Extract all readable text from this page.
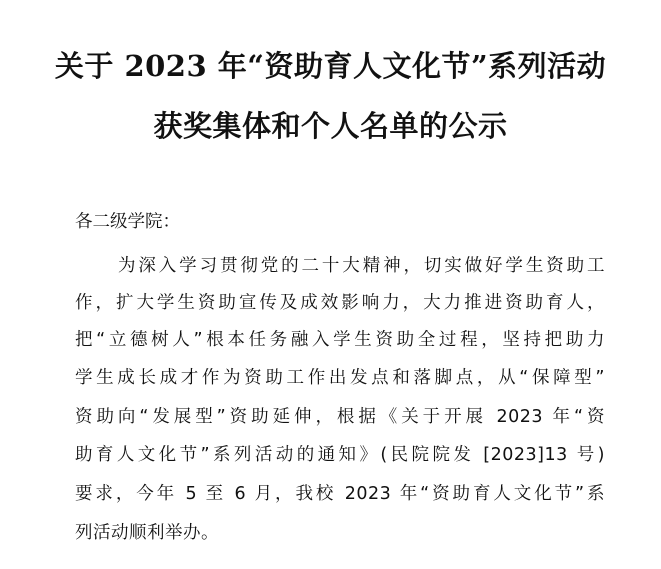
关于 2023 年“资助育人文化节”系列活动
获奖集体和个人名单的公示
各二级学院：
为深入学习贯彻党的二十大精神，切实做好学生资助工
作，扩大学生资助宣传及成效影响力，大力推进资助育人，
把“立德树人”根本任务融入学生资助全过程，坚持把助力
学生成长成才作为资助工作出发点和落脚点，从“保障型”
资助向“发展型”资助延伸，根据《关于开展 2023 年“资
助育人文化节”系列活动的通知》(民院院发 [2023]13 号)
要求，今年 5 至 6 月，我校 2023 年“资助育人文化节”系
列活动顺利举办。
